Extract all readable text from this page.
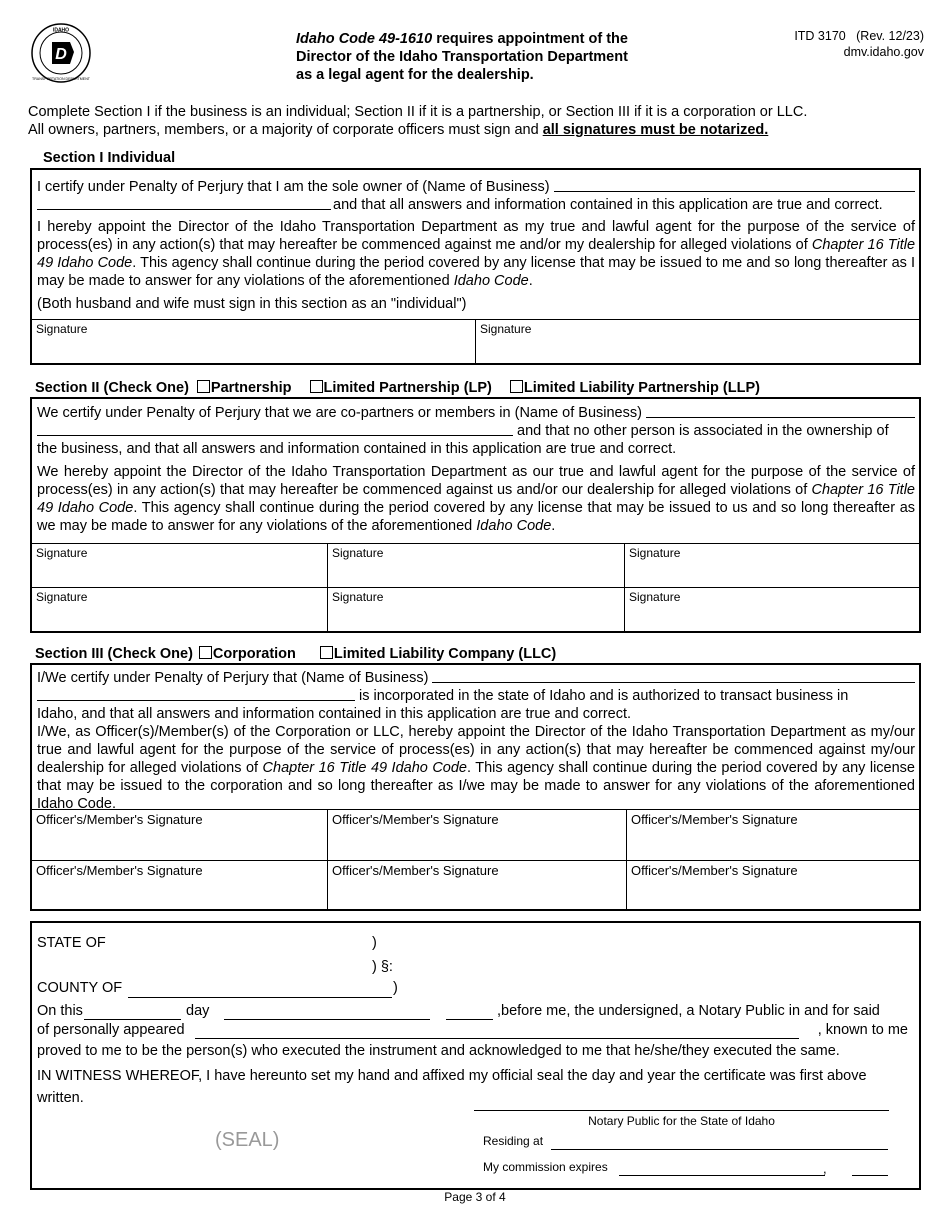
D
IDAHO
TRANSPORTATION DEPARTMENT
Idaho Code 49-1610 requires appointment of the
Director of the Idaho Transportation Department
as a legal agent for the dealership.
ITD 3170   (Rev. 12/23)
dmv.idaho.gov
Complete Section I if the business is an individual; Section II if it is a partnership, or Section III if it is a corporation or LLC.
All owners, partners, members, or a majority of corporate officers must sign and all signatures must be notarized.
Section I Individual
I certify under Penalty of Perjury that I am the sole owner of (Name of Business)
and that all answers and information contained in this application are true and correct.
I hereby appoint the Director of the Idaho Transportation Department as my true and lawful agent for the purpose of the service of process(es) in any action(s) that may hereafter be commenced against me and/or my dealership for alleged violations of Chapter 16 Title 49 Idaho Code. This agency shall continue during the period covered by any license that may be issued to me and so long thereafter as I may be made to answer for any violations of the aforementioned Idaho Code.
(Both husband and wife must sign in this section as an "individual")
Signature	Signature
Section II (Check One) Partnership Limited Partnership (LP) Limited Liability Partnership (LLP)
We certify under Penalty of Perjury that we are co-partners or members in (Name of Business)
and that no other person is associated in the ownership of
the business, and that all answers and information contained in this application are true and correct.
We hereby appoint the Director of the Idaho Transportation Department as our true and lawful agent for the purpose of the service of process(es) in any action(s) that may hereafter be commenced against us and/or our dealership for alleged violations of Chapter 16 Title 49 Idaho Code. This agency shall continue during the period covered by any license that may be issued to us and so long thereafter as we may be made to answer for any violations of the aforementioned Idaho Code.
Signature	Signature	Signature
Signature	Signature	Signature
Section III (Check One) Corporation	Limited Liability Company (LLC)
I/We certify under Penalty of Perjury that (Name of Business)
is incorporated in the state of Idaho and is authorized to transact business in
Idaho, and that all answers and information contained in this application are true and correct.
I/We, as Officer(s)/Member(s) of the Corporation or LLC, hereby appoint the Director of the Idaho Transportation Department as my/our true and lawful agent for the purpose of the service of process(es) in any action(s) that may hereafter be commenced against my/our dealership for alleged violations of Chapter 16 Title 49 Idaho Code. This agency shall continue during the period covered by any license that may be issued to the corporation and so long thereafter as I/we may be made to answer for any violations of the aforementioned Idaho Code.
Officer's/Member's Signature	Officer's/Member's Signature	Officer's/Member's Signature
Officer's/Member's Signature	Officer's/Member's Signature	Officer's/Member's Signature
STATE OF	)
) §:
COUNTY OF	)
On this	day	,before me, the undersigned, a Notary Public in and for said
of personally appeared	, known to me
proved to me to be the person(s) who executed the instrument and acknowledged to me that he/she/they executed the same.
IN WITNESS WHEREOF, I have hereunto set my hand and affixed my official seal the day and year the certificate was first above written.
(SEAL)
Notary Public for the State of Idaho
Residing at
My commission expires	,
Page 3 of 4
